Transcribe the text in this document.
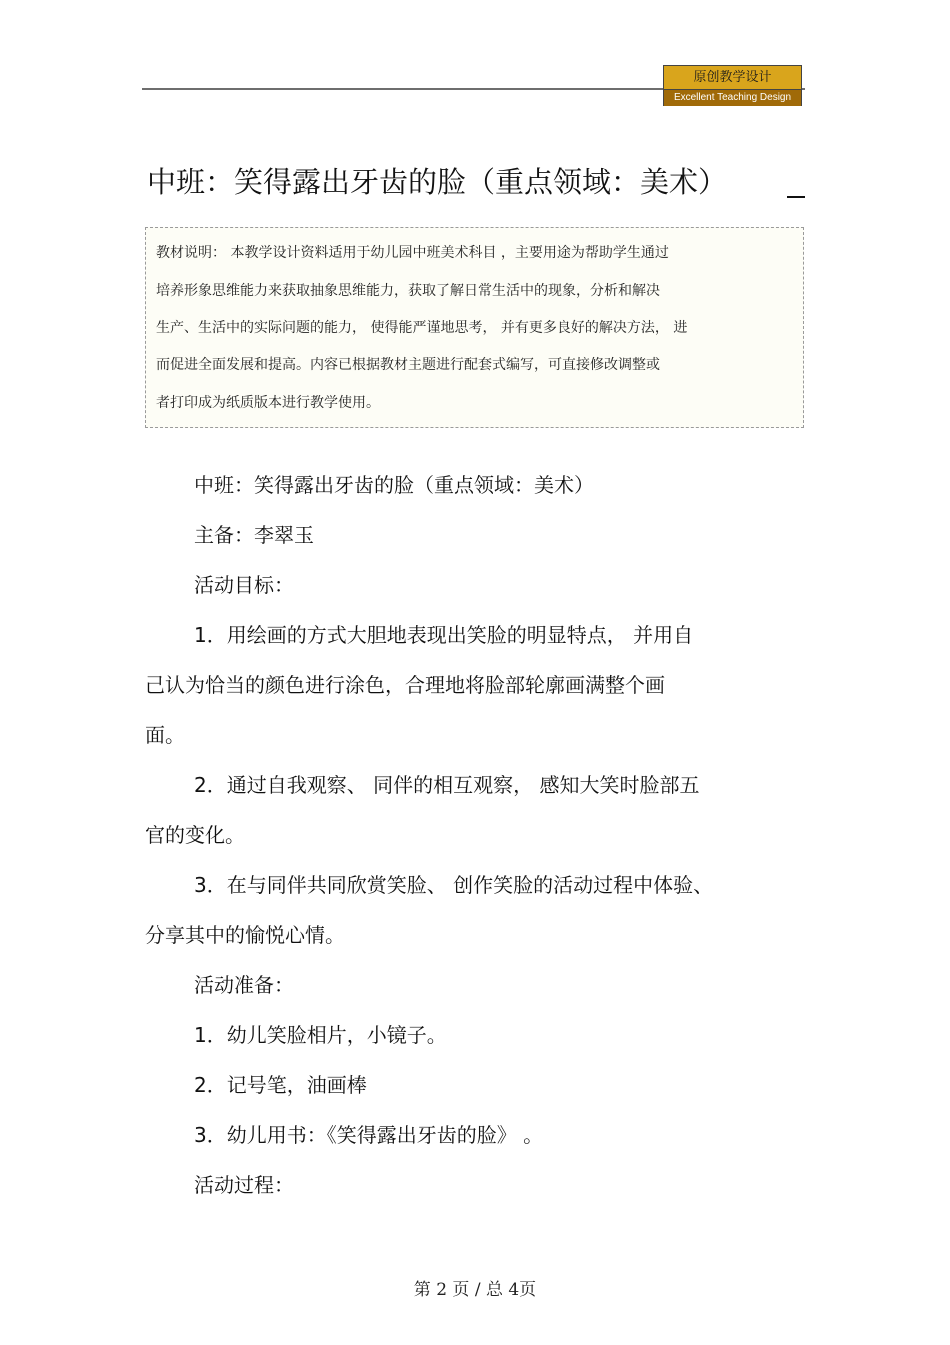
原创教学设计
Excellent Teaching Design
中班：笑得露出牙齿的脸（重点领域：美术）
教材说明： 本教学设计资料适用于幼儿园中班美术科目 ，主要用途为帮助学生通过
培养形象思维能力来获取抽象思维能力，获取了解日常生活中的现象，分析和解决
生产、生活中的实际问题的能力， 使得能严谨地思考， 并有更多良好的解决方法， 进
而促进全面发展和提高。内容已根据教材主题进行配套式编写，可直接修改调整或
者打印成为纸质版本进行教学使用。
中班：笑得露出牙齿的脸（重点领域：美术）
主备：李翠玉
活动目标：
1．用绘画的方式大胆地表现出笑脸的明显特点， 并用自
己认为恰当的颜色进行涂色，合理地将脸部轮廓画满整个画
面。
2．通过自我观察、 同伴的相互观察， 感知大笑时脸部五
官的变化。
3．在与同伴共同欣赏笑脸、 创作笑脸的活动过程中体验、
分享其中的愉悦心情。
活动准备：
1．幼儿笑脸相片，小镜子。
2．记号笔，油画棒
3．幼儿用书：《笑得露出牙齿的脸》 。
活动过程：
第 2 页 / 总 4页
